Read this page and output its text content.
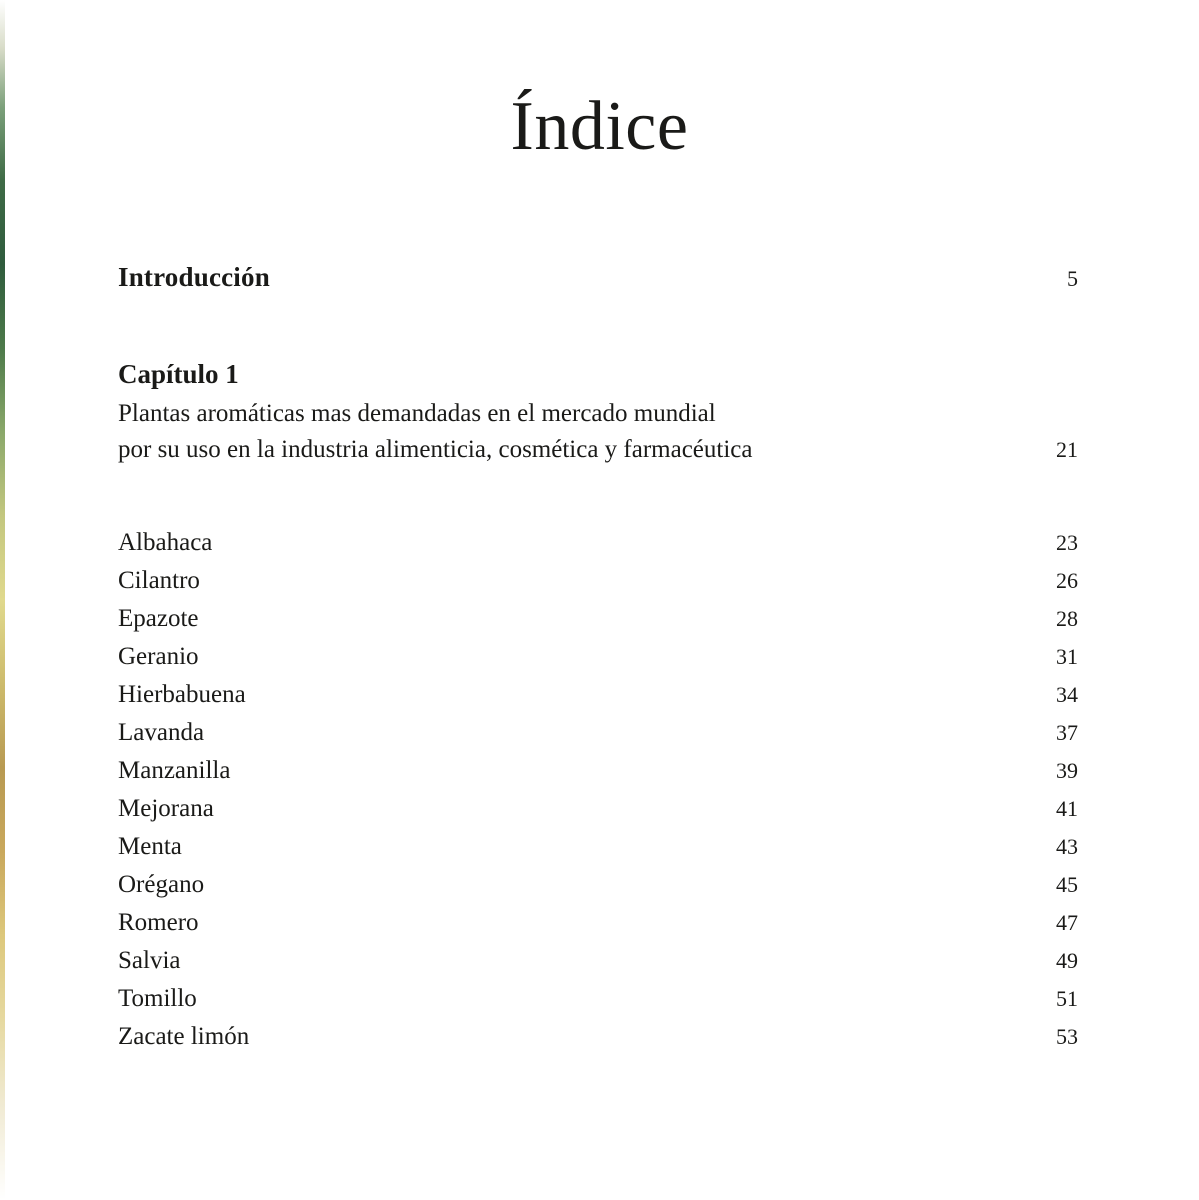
Índice
Introducción	5
Capítulo 1
Plantas aromáticas mas demandadas en el mercado mundial
por su uso en la industria alimenticia, cosmética y farmacéutica	21
Albahaca	23
Cilantro	26
Epazote	28
Geranio	31
Hierbabuena	34
Lavanda	37
Manzanilla	39
Mejorana	41
Menta	43
Orégano	45
Romero	47
Salvia	49
Tomillo	51
Zacate limón	53
